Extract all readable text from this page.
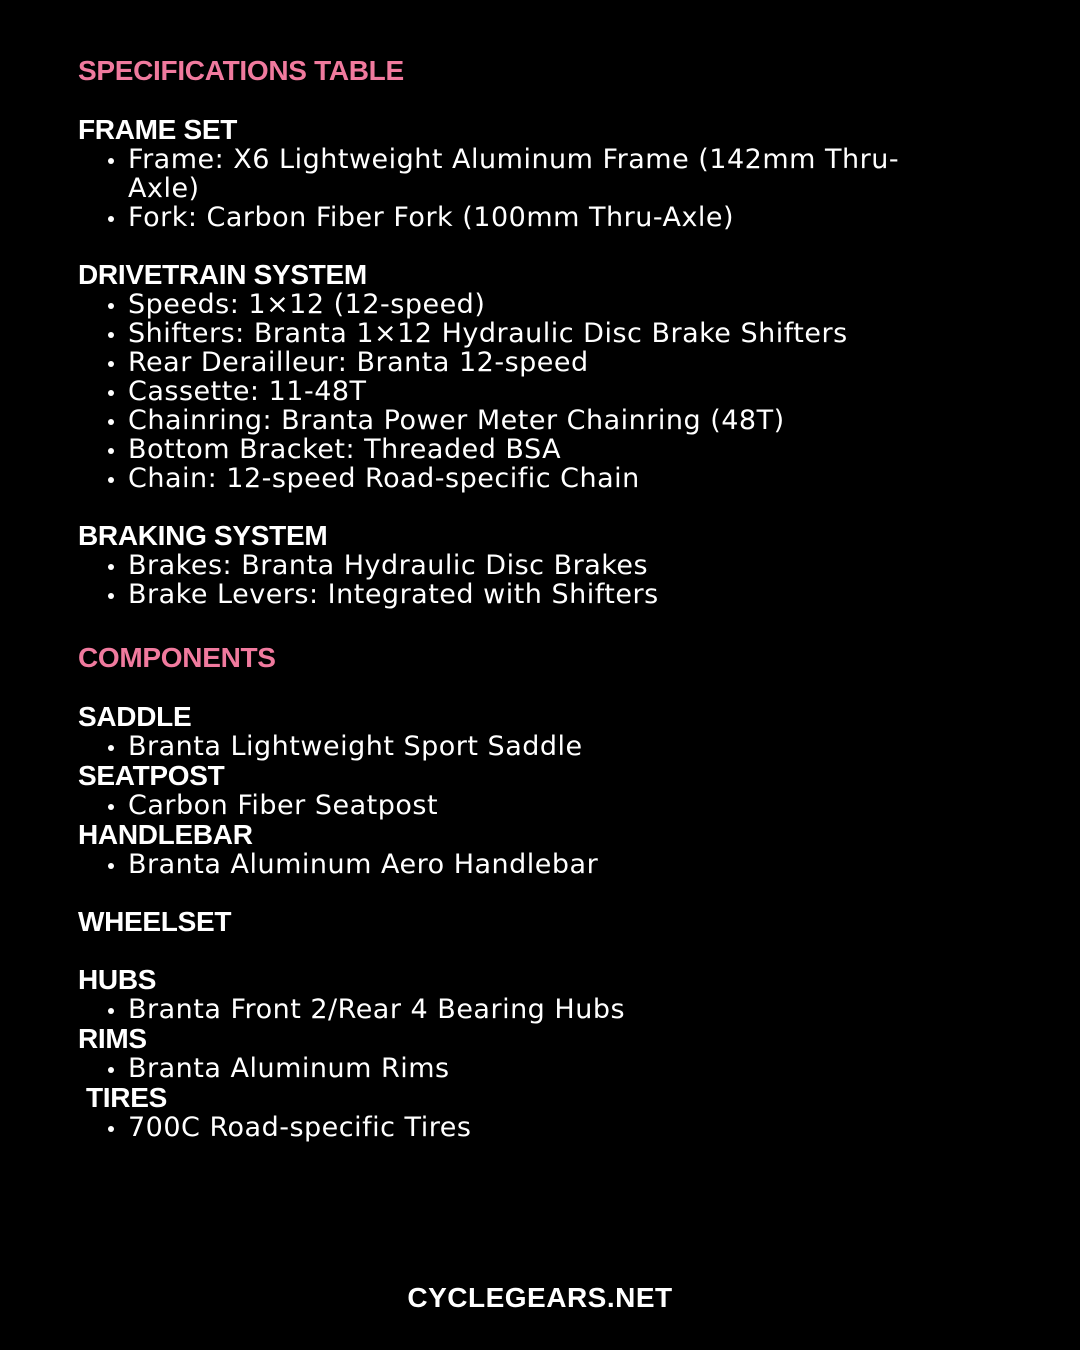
SPECIFICATIONS TABLE
FRAME SET
Frame: X6 Lightweight Aluminum Frame (142mm Thru-Axle)
Fork: Carbon Fiber Fork (100mm Thru-Axle)
DRIVETRAIN SYSTEM
Speeds: 1×12 (12-speed)
Shifters: Branta 1×12 Hydraulic Disc Brake Shifters
Rear Derailleur: Branta 12-speed
Cassette: 11-48T
Chainring: Branta Power Meter Chainring (48T)
Bottom Bracket: Threaded BSA
Chain: 12-speed Road-specific Chain
BRAKING SYSTEM
Brakes: Branta Hydraulic Disc Brakes
Brake Levers: Integrated with Shifters
COMPONENTS
SADDLE
Branta Lightweight Sport Saddle
SEATPOST
Carbon Fiber Seatpost
HANDLEBAR
Branta Aluminum Aero Handlebar
WHEELSET
HUBS
Branta Front 2/Rear 4 Bearing Hubs
RIMS
Branta Aluminum Rims
TIRES
700C Road-specific Tires
CYCLEGEARS.NET
